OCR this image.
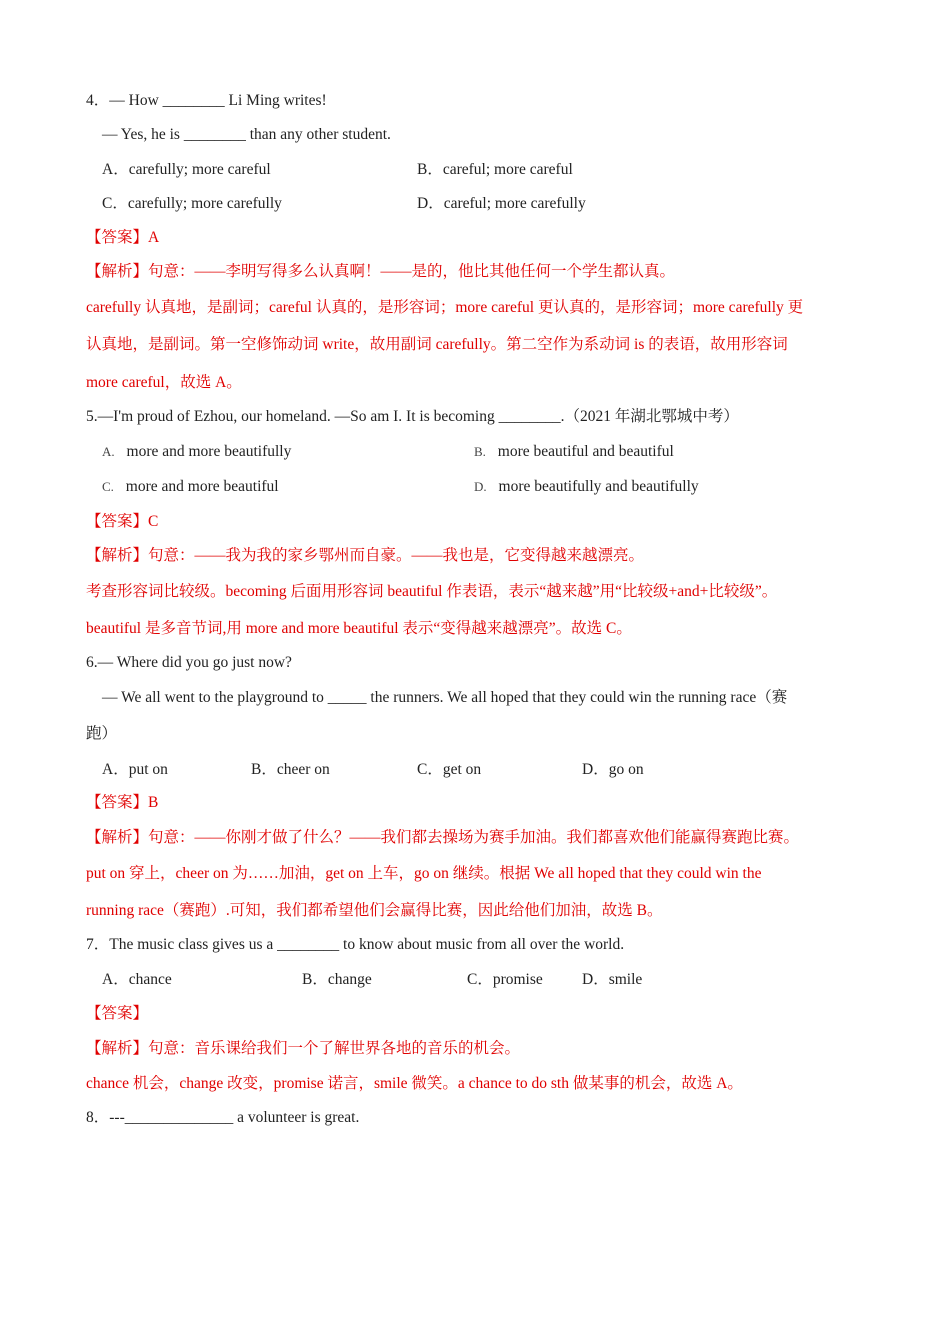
4．— How ________ Li Ming writes!
— Yes, he is ________ than any other student.
A．carefully; more careful	B．careful; more careful
C．carefully; more carefully	D．careful; more carefully
【答案】A
【解析】句意：——李明写得多么认真啊！——是的，他比其他任何一个学生都认真。
carefully 认真地，是副词；careful 认真的，是形容词；more careful 更认真的，是形容词；more carefully 更
认真地，是副词。第一空修饰动词 write，故用副词 carefully。第二空作为系动词 is 的表语，故用形容词
more careful，故选 A。
5.—I'm proud of Ezhou, our homeland. —So am I. It is becoming ________.（2021 年湖北鄂城中考）
A. more and more beautifully	B. more beautiful and beautiful
C. more and more beautiful	D. more beautifully and beautifully
【答案】C
【解析】句意：——我为我的家乡鄂州而自豪。——我也是，它变得越来越漂亮。
考查形容词比较级。becoming 后面用形容词 beautiful 作表语，表示“越来越”用“比较级+and+比较级”。
beautiful 是多音节词,用 more and more beautiful 表示“变得越来越漂亮”。故选 C。
6.— Where did you go just now?
— We all went to the playground to _____ the runners. We all hoped that they could win the running race（赛
跑）
A．put on	B．cheer on	C．get on	D．go on
【答案】B
【解析】句意：——你刚才做了什么？——我们都去操场为赛手加油。我们都喜欢他们能赢得赛跑比赛。
put on 穿上，cheer on 为……加油，get on 上车，go on 继续。根据 We all hoped that they could win the
running race（赛跑）.可知，我们都希望他们会赢得比赛，因此给他们加油，故选 B。
7．The music class gives us a ________ to know about music from all over the world.
A．chance	B．change	C．promise	D．smile
【答案】
【解析】句意：音乐课给我们一个了解世界各地的音乐的机会。
chance 机会，change 改变，promise 诺言，smile 微笑。a chance to do sth 做某事的机会，故选 A。
8．---______________ a volunteer is great.
